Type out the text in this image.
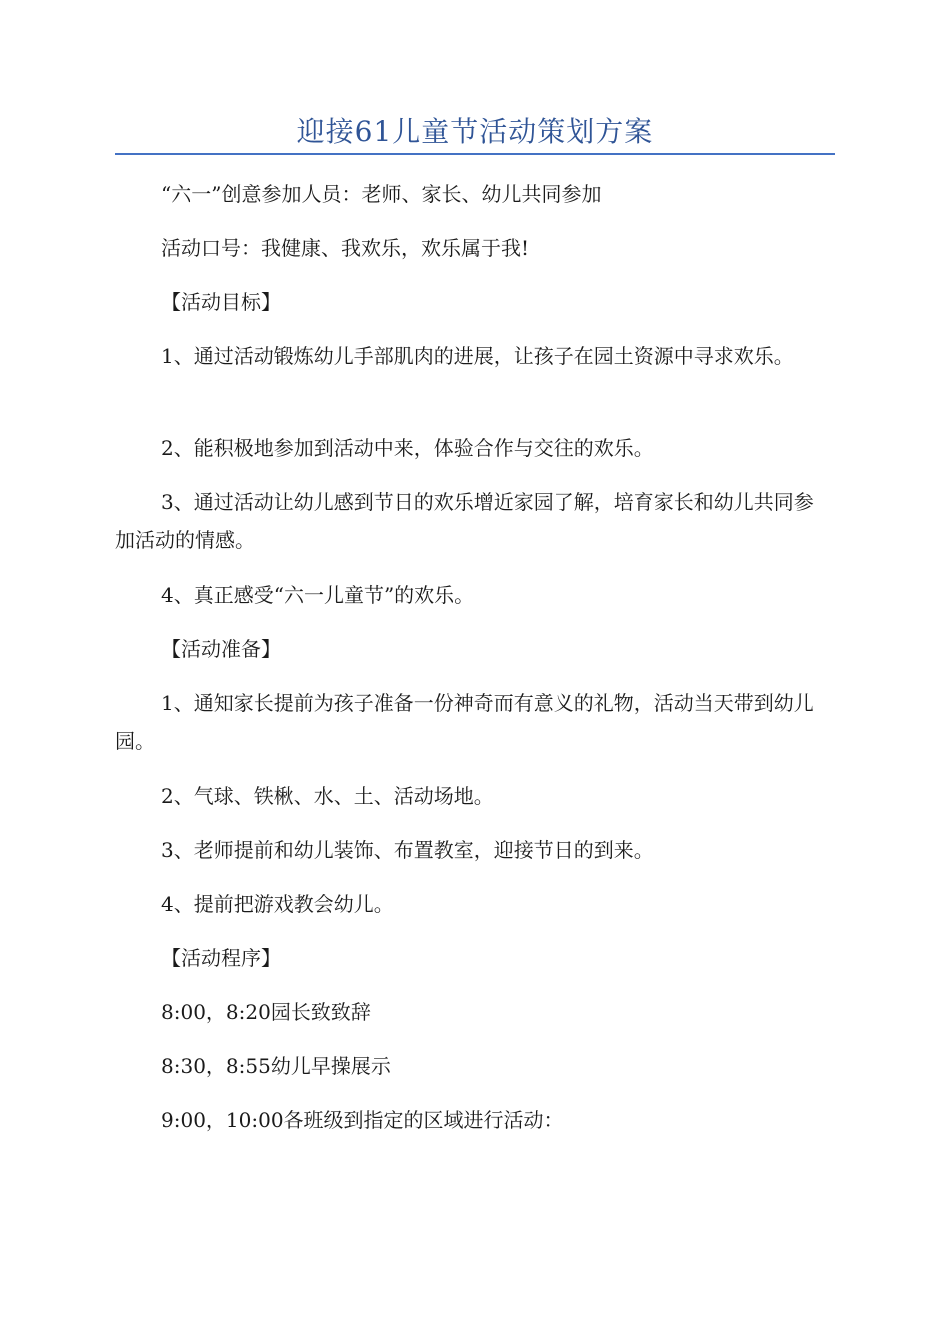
迎接61儿童节活动策划方案

“六一”创意参加人员：老师、家长、幼儿共同参加

活动口号：我健康、我欢乐，欢乐属于我!

【活动目标】

1、通过活动锻炼幼儿手部肌肉的进展，让孩子在园土资源中寻求欢乐。

2、能积极地参加到活动中来，体验合作与交往的欢乐。

3、通过活动让幼儿感到节日的欢乐增近家园了解，培育家长和幼儿共同参加活动的情感。

4、真正感受“六一儿童节”的欢乐。

【活动准备】

1、通知家长提前为孩子准备一份神奇而有意义的礼物，活动当天带到幼儿园。

2、气球、铁楸、水、土、活动场地。

3、老师提前和幼儿装饰、布置教室，迎接节日的到来。

4、提前把游戏教会幼儿。

【活动程序】

8:00，8:20园长致致辞

8:30，8:55幼儿早操展示

9:00，10:00各班级到指定的区域进行活动：
